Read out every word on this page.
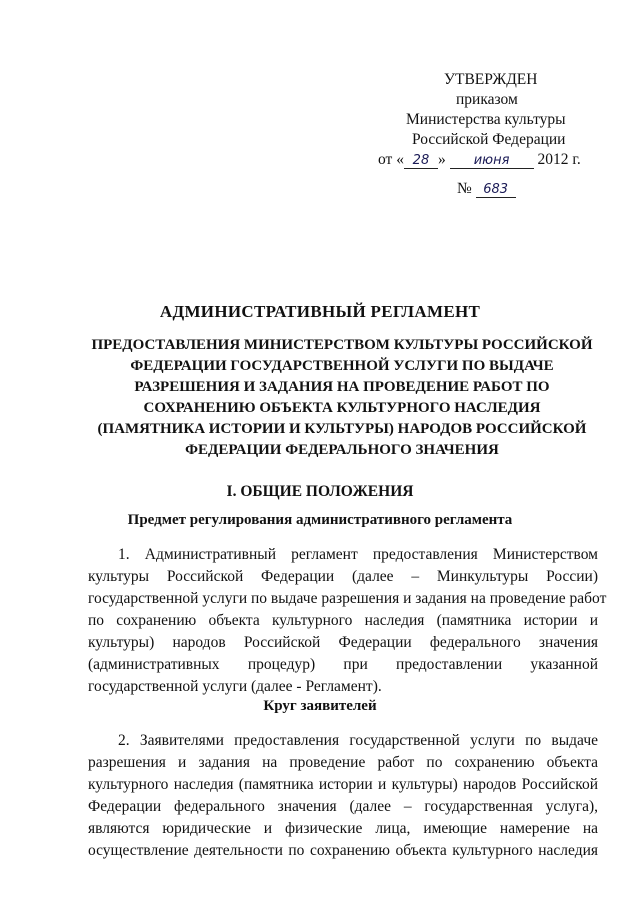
УТВЕРЖДЕН
приказом
Министерства культуры
Российской Федерации
от « 28 » июня 2012 г.
№ 683
АДМИНИСТРАТИВНЫЙ РЕГЛАМЕНТ
ПРЕДОСТАВЛЕНИЯ МИНИСТЕРСТВОМ КУЛЬТУРЫ РОССИЙСКОЙ
ФЕДЕРАЦИИ ГОСУДАРСТВЕННОЙ УСЛУГИ ПО ВЫДАЧЕ
РАЗРЕШЕНИЯ И ЗАДАНИЯ НА ПРОВЕДЕНИЕ РАБОТ ПО
СОХРАНЕНИЮ ОБЪЕКТА КУЛЬТУРНОГО НАСЛЕДИЯ
(ПАМЯТНИКА ИСТОРИИ И КУЛЬТУРЫ) НАРОДОВ РОССИЙСКОЙ
ФЕДЕРАЦИИ ФЕДЕРАЛЬНОГО ЗНАЧЕНИЯ
I. ОБЩИЕ ПОЛОЖЕНИЯ
Предмет регулирования административного регламента
1. Административный регламент предоставления Министерством
культуры Российской Федерации (далее – Минкультуры России)
государственной услуги по выдаче разрешения и задания на проведение работ
по сохранению объекта культурного наследия (памятника истории и
культуры) народов Российской Федерации федерального значения
(административных процедур) при предоставлении указанной
государственной услуги (далее - Регламент).
Круг заявителей
2. Заявителями предоставления государственной услуги по выдаче
разрешения и задания на проведение работ по сохранению объекта
культурного наследия (памятника истории и культуры) народов Российской
Федерации федерального значения (далее – государственная услуга),
являются юридические и физические лица, имеющие намерение на
осуществление деятельности по сохранению объекта культурного наследия
